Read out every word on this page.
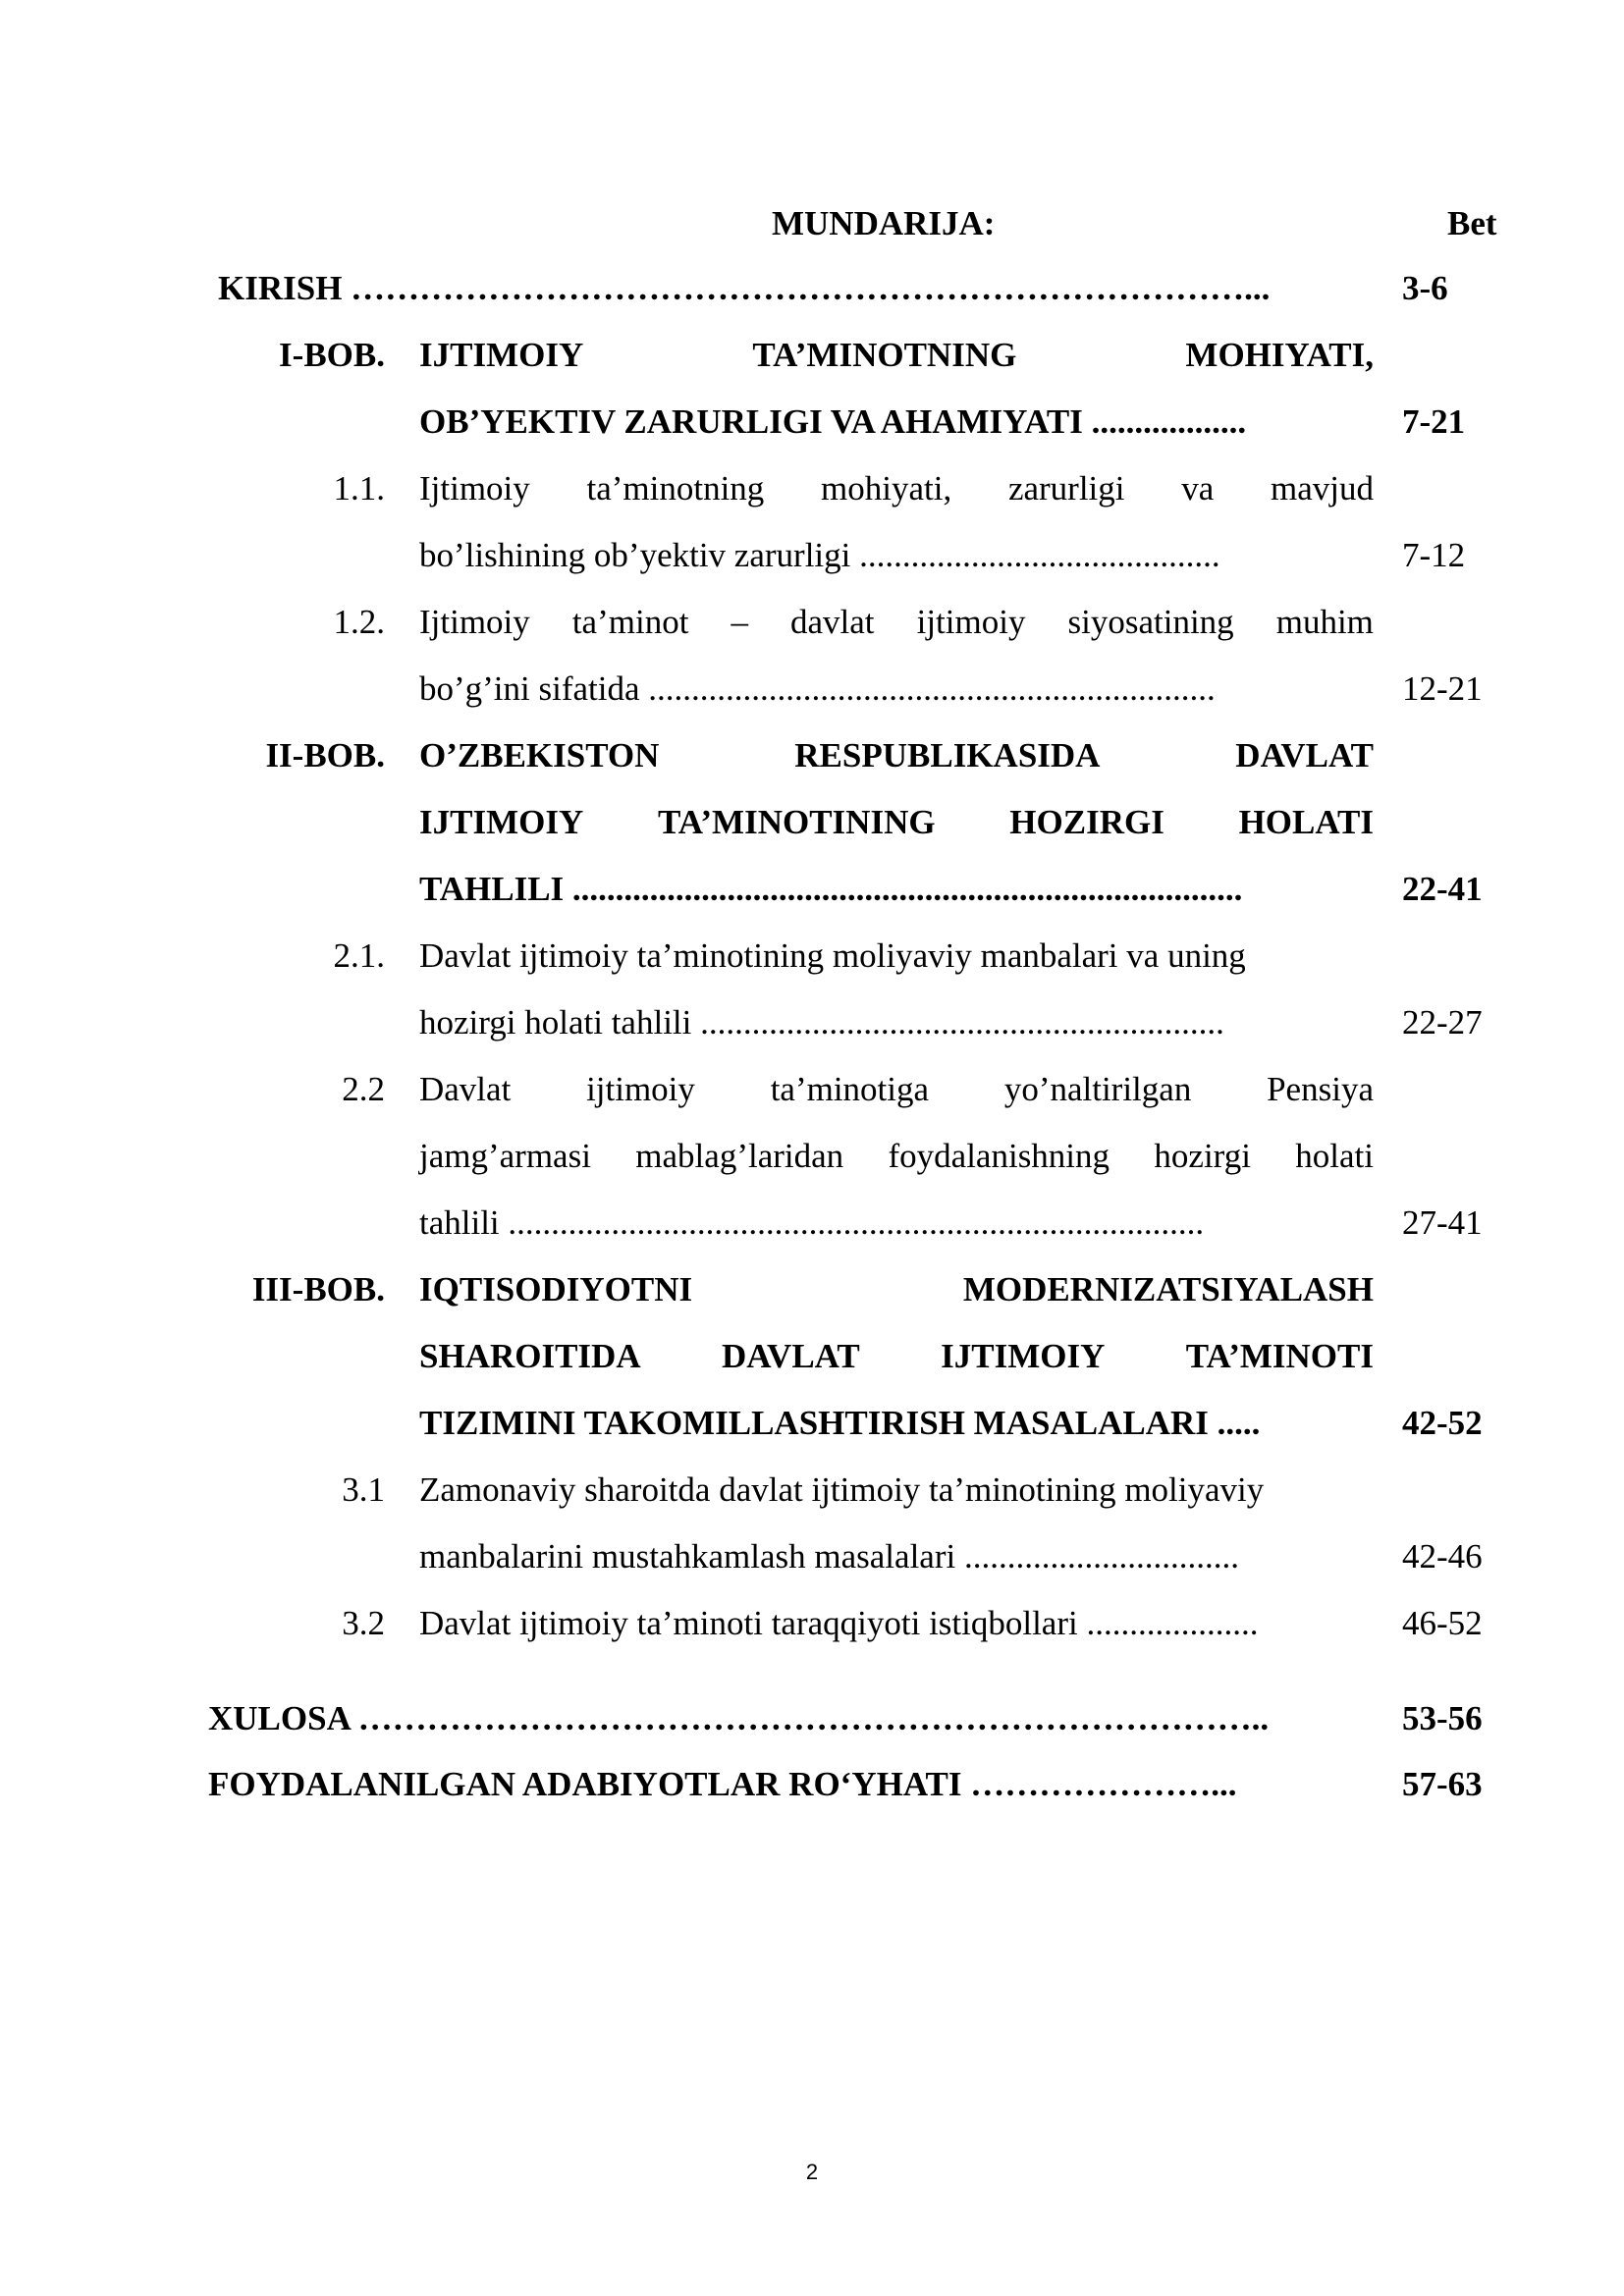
MUNDARIJA:	Bet
KIRISH ……………………………………………………………………...	3-6
I-BOB. IJTIMOIY	TA’MINOTNING	MOHIYATI,
OB’YEKTIV ZARURLIGI VA AHAMIYATI ..................	7-21
1.1. Ijtimoiy ta’minotning mohiyati, zarurligi va mavjud
bo’lishining ob’yektiv zarurligi ..........................................	7-12
1.2. Ijtimoiy ta’minot – davlat ijtimoiy siyosatining muhim
bo’g’ini sifatida ..................................................................	12-21
II-BOB. O’ZBEKISTON	RESPUBLIKASIDA	DAVLAT
IJTIMOIY TA’MINOTINING HOZIRGI HOLATI
TAHLILI ..............................................................................	22-41
2.1. Davlat ijtimoiy ta’minotining moliyaviy manbalari va uning
hozirgi holati tahlili .............................................................	22-27
2.2 Davlat ijtimoiy ta’minotiga yo’naltirilgan Pensiya
jamg’armasi mablag’laridan foydalanishning hozirgi holati
tahlili .................................................................................	27-41
III-BOB. IQTISODIYOTNI	MODERNIZATSIYALASH
SHAROITIDA DAVLAT IJTIMOIY TA’MINOTI
TIZIMINI TAKOMILLASHTIRISH MASALALARI .....	42-52
3.1 Zamonaviy sharoitda davlat ijtimoiy ta’minotining moliyaviy
manbalarini mustahkamlash masalalari ................................	42-46
3.2 Davlat ijtimoiy ta’minoti taraqqiyoti istiqbollari ....................	46-52
XULOSA ……………………………………………………………………..	53-56
FOYDALANILGAN ADABIYOTLAR RO‘YHATI …………………...	57-63
2
